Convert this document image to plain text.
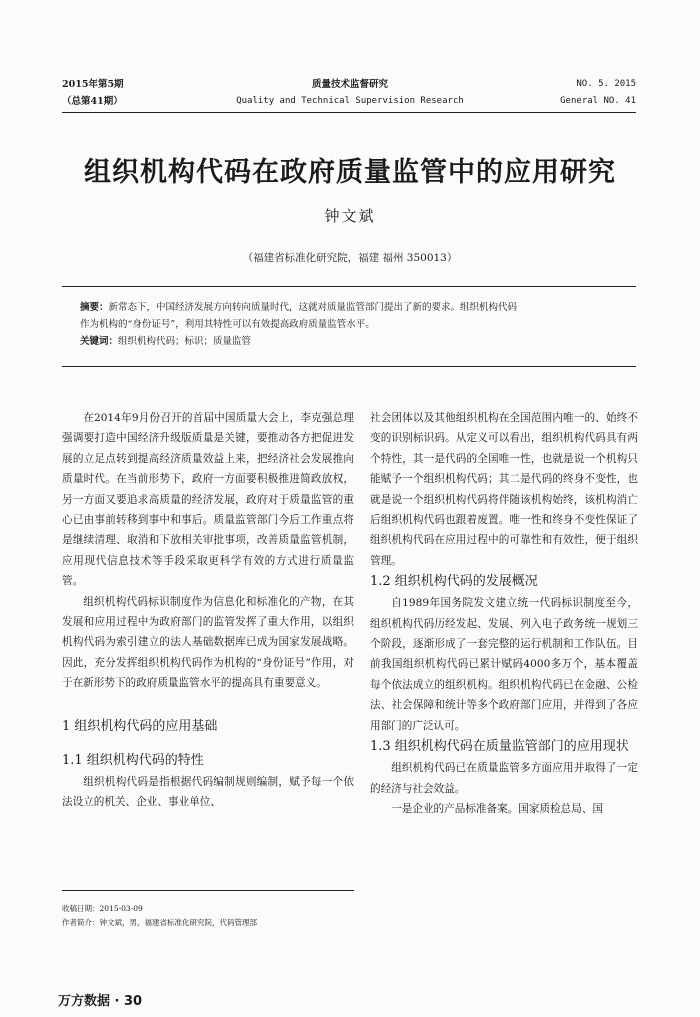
2015年第5期
（总第41期）
质量技术监督研究
Quality and Technical Supervision Research
NO. 5. 2015
General NO. 41
组织机构代码在政府质量监管中的应用研究
钟文斌
（福建省标准化研究院，福建 福州 350013）
摘要：新常态下，中国经济发展方向转向质量时代，这就对质量监管部门提出了新的要求。组织机构代码
作为机构的“身份证号”，利用其特性可以有效提高政府质量监管水平。
关键词：组织机构代码；标识；质量监管

在2014年9月份召开的首届中国质量大会上，李克强总理强调要打造中国经济升级版质量是关键，要推动各方把促进发展的立足点转到提高经济质量效益上来，把经济社会发展推向质量时代。在当前形势下，政府一方面要积极推进简政放权，另一方面又要追求高质量的经济发展，政府对于质量监管的重心已由事前转移到事中和事后。质量监管部门今后工作重点将是继续清理、取消和下放相关审批事项，改善质量监管机制，应用现代信息技术等手段采取更科学有效的方式进行质量监管。

组织机构代码标识制度作为信息化和标准化的产物，在其发展和应用过程中为政府部门的监管发挥了重大作用，以组织机构代码为索引建立的法人基础数据库已成为国家发展战略。因此，充分发挥组织机构代码作为机构的“身份证号”作用，对于在新形势下的政府质量监管水平的提高具有重要意义。

1 组织机构代码的应用基础
1.1 组织机构代码的特性

组织机构代码是指根据代码编制规则编制，赋予每一个依法设立的机关、企业、事业单位、

社会团体以及其他组织机构在全国范围内唯一的、始终不变的识别标识码。从定义可以看出，组织机构代码具有两个特性，其一是代码的全国唯一性，也就是说一个机构只能赋予一个组织机构代码；其二是代码的终身不变性，也就是说一个组织机构代码将伴随该机构始终，该机构消亡后组织机构代码也跟着废置。唯一性和终身不变性保证了组织机构代码在应用过程中的可靠性和有效性，便于组织管理。

1.2 组织机构代码的发展概况

自1989年国务院发文建立统一代码标识制度至今，组织机构代码历经发起、发展、列入电子政务统一规划三个阶段，逐渐形成了一套完整的运行机制和工作队伍。目前我国组织机构代码已累计赋码4000多万个，基本覆盖每个依法成立的组织机构。组织机构代码已在金融、公检法、社会保障和统计等多个政府部门应用，并得到了各应用部门的广泛认可。

1.3 组织机构代码在质量监管部门的应用现状

组织机构代码已在质量监管多方面应用并取得了一定的经济与社会效益。

一是企业的产品标准备案。国家质检总局、国

收稿日期：2015-03-09
作者简介：钟文斌，男，福建省标准化研究院，代码管理部
万方数据 · 30
